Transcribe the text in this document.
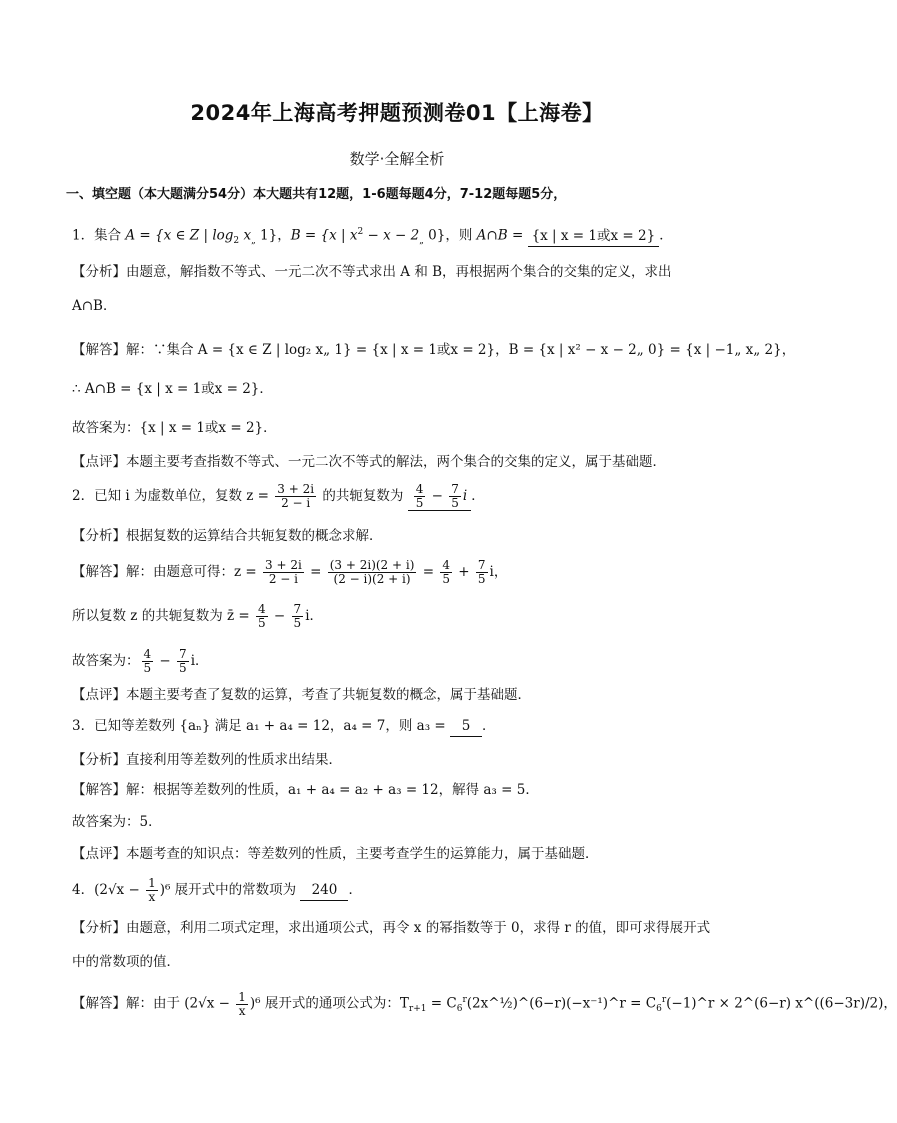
2024年上海高考押题预测卷01【上海卷】
数学·全解全析
一、填空题（本大题满分54分）本大题共有12题，1-6题每题4分，7-12题每题5分，
1．集合 A = {x ∈ Z | $\log_2 x_„$ 1}，B = {x | $x^2 - x - 2_„$ 0}，则 A∩B = {x | x = 1或x = 2} ．
【分析】由题意，解指数不等式、一元二次不等式求出 A 和 B，再根据两个集合的交集的定义，求出
A∩B．
【解答】解：∵集合 A = {x ∈ Z | log₂ x„ 1} = {x | x = 1或x = 2}，B = {x | x² − x − 2„ 0} = {x | −1„ x„ 2}，
∴ A∩B = {x | x = 1或x = 2}．
故答案为：{x | x = 1或x = 2}．
【点评】本题主要考查指数不等式、一元二次不等式的解法，两个集合的交集的定义，属于基础题．
2．已知 i 为虚数单位，复数 $z = \frac{3 + 2i}{2 - i}$ 的共轭复数为 $\frac{4}{5} - \frac{7}{5}$ i ．
【分析】根据复数的运算结合共轭复数的概念求解．
【解答】解：由题意可得：$z = \frac{3 + 2i}{2 - i} = \frac{(3 + 2i)(2 + i)}{(2 - i)(2 + i)} = \frac{4}{5} + \frac{7}{5}$ i，
所以复数 z 的共轭复数为 z̄ = $\frac{4}{5} - \frac{7}{5}$ i．
故答案为： $\frac{4}{5} - \frac{7}{5}$ i．
【点评】本题主要考查了复数的运算，考查了共轭复数的概念，属于基础题．
3．已知等差数列 {aₙ} 满足 a₁ + a₄ = 12，a₄ = 7，则 a₃ = 5 ．
【分析】直接利用等差数列的性质求出结果．
【解答】解：根据等差数列的性质，a₁ + a₄ = a₂ + a₃ = 12，解得 a₃ = 5．
故答案为：5．
【点评】本题考查的知识点：等差数列的性质，主要考查学生的运算能力，属于基础题．
4．$(2√x - \frac{1}{x} )^6$ 展开式中的常数项为 240 ．
【分析】由题意，利用二项式定理，求出通项公式，再令 x 的幂指数等于 0，求得 r 的值，即可求得展开式
中的常数项的值．
【解答】解：由于 $(2√x - \frac{1}{x} )^6$ 展开式的通项公式为：$T_{r+1}$ = $C_6^r(2x\^{}\frac{1}{2})\^{}(6-r)(-x^{-1})\^{}r$ = $C_6^r(-1)\^{}r$ × 2^(6−r) x^((6−3r)/2)，
